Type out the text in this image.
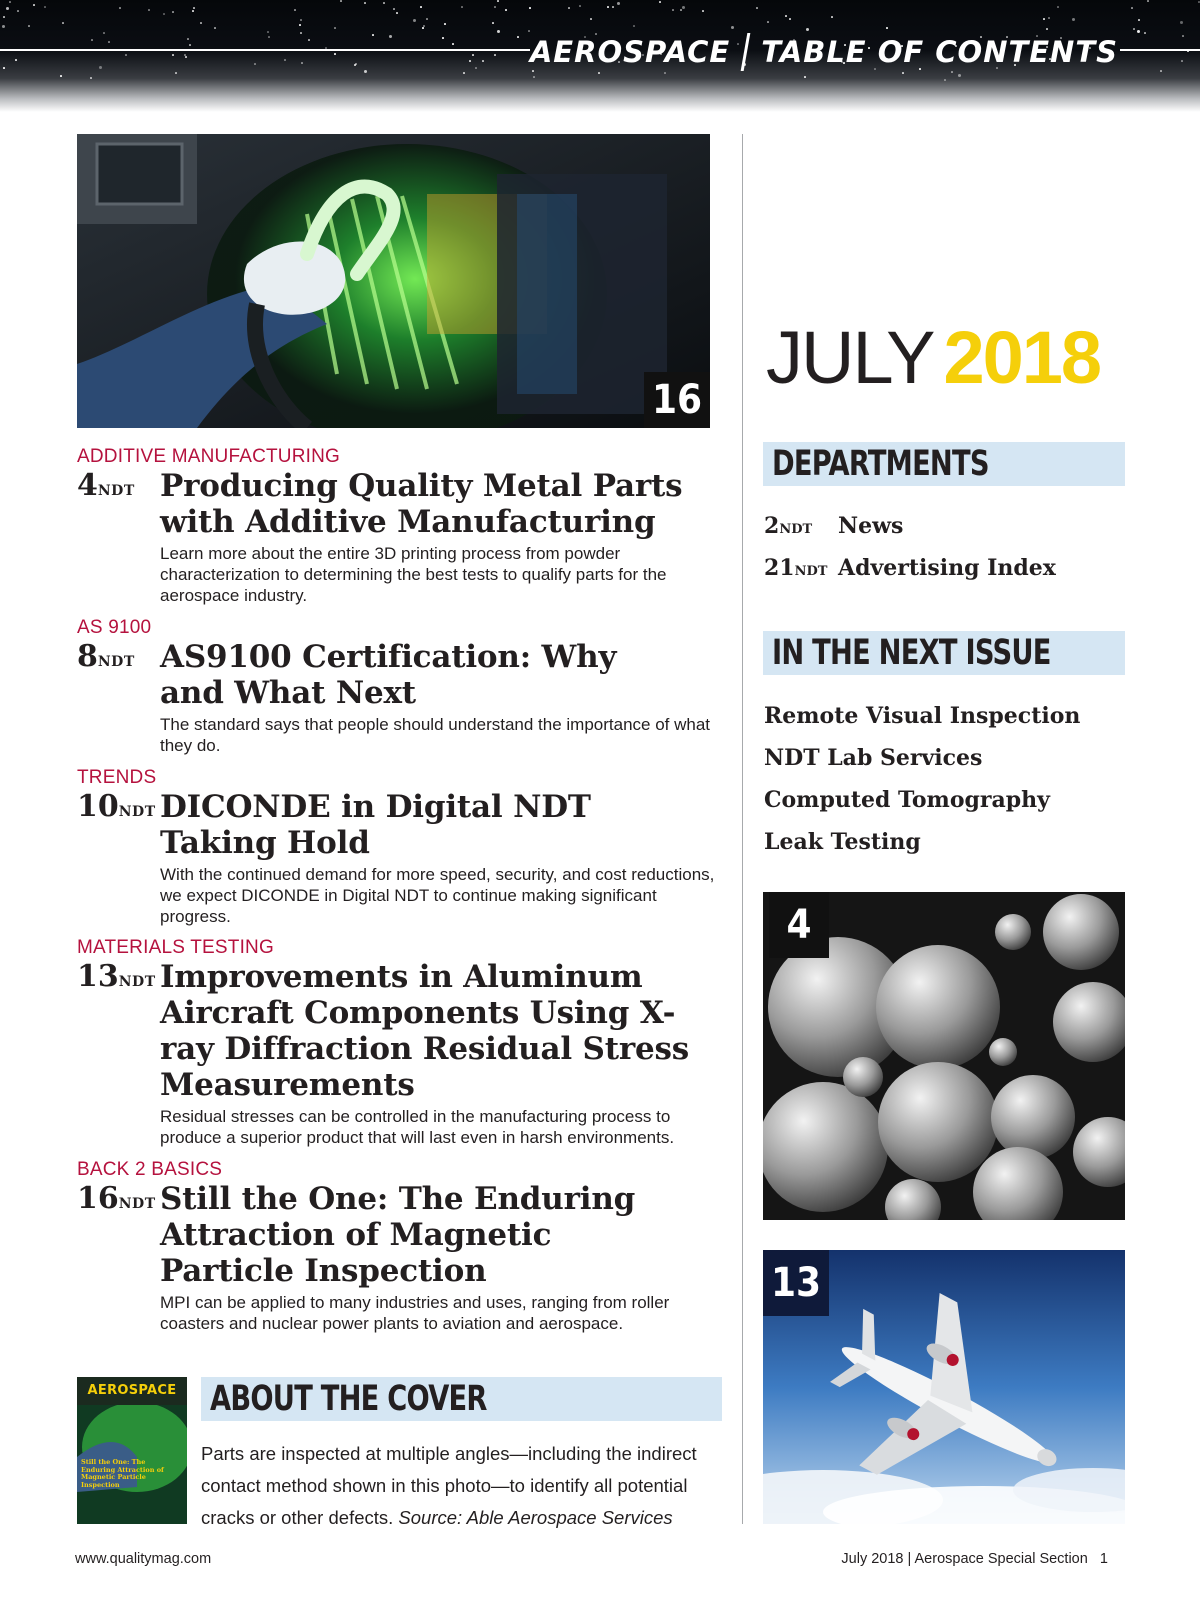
AEROSPACE TABLE OF CONTENTS
16
ADDITIVE MANUFACTURING
4NDT Producing Quality Metal Parts with Additive Manufacturing
Learn more about the entire 3D printing process from powder characterization to determining the best tests to qualify parts for the aerospace industry.
AS 9100
8NDT AS9100 Certification: Why and What Next
The standard says that people should understand the importance of what they do.
TRENDS
10NDT DICONDE in Digital NDT Taking Hold
With the continued demand for more speed, security, and cost reductions, we expect DICONDE in Digital NDT to continue making significant progress.
MATERIALS TESTING
13NDT Improvements in Aluminum Aircraft Components Using X-ray Diffraction Residual Stress Measurements
Residual stresses can be controlled in the manufacturing process to produce a superior product that will last even in harsh environments.
BACK 2 BASICS
16NDT Still the One: The Enduring Attraction of Magnetic Particle Inspection
MPI can be applied to many industries and uses, ranging from roller coasters and nuclear power plants to aviation and aerospace.
AEROSPACE
Still the One: The Enduring Attraction of Magnetic Particle Inspection
ABOUT THE COVER
Parts are inspected at multiple angles—including the indirect contact method shown in this photo—to identify all potential cracks or other defects. Source: Able Aerospace Services
JULY 2018
DEPARTMENTS
2NDT	News
21NDT Advertising Index
IN THE NEXT ISSUE
Remote Visual Inspection
NDT Lab Services
Computed Tomography
Leak Testing
4
13
www.qualitymag.com	July 2018 | Aerospace Special Section 1
